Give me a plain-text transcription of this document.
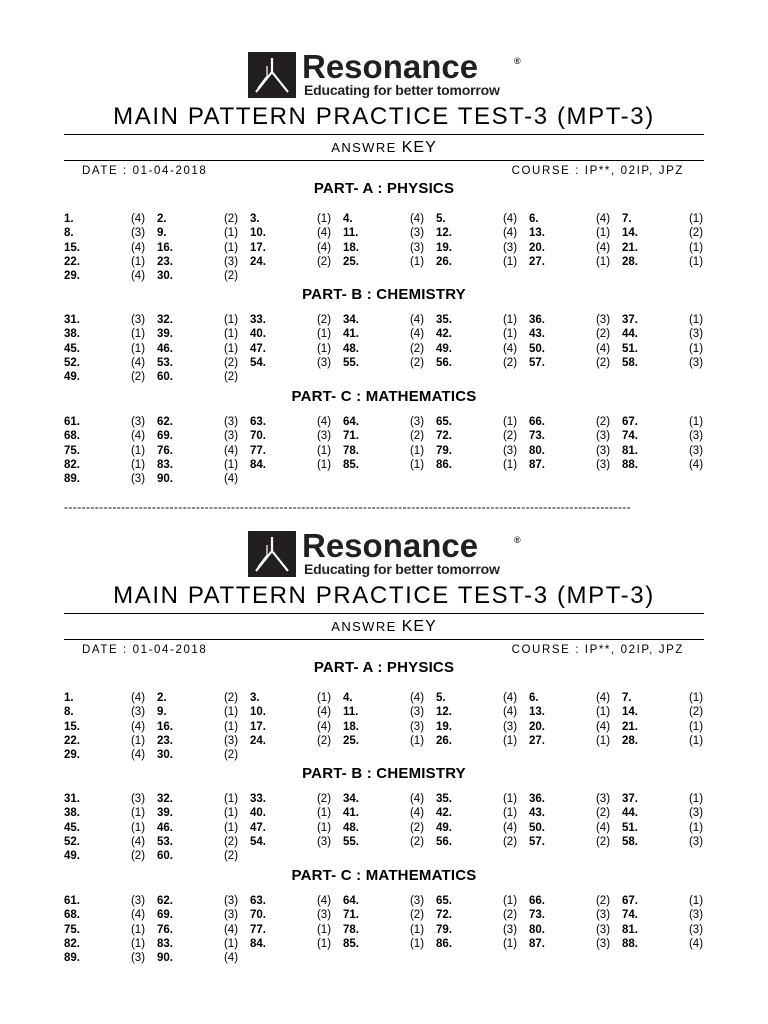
Resonance	®
Educating for better tomorrow
MAIN PATTERN PRACTICE TEST-3 (MPT-3)
ANSWRE KEY
DATE : 01-04-2018	COURSE : IP**, 02IP, JPZ
PART- A : PHYSICS
1.	(4) 2.	(2) 3.	(1) 4.	(4) 5.	(4) 6.	(4) 7.	(1)
8.	(3) 9.	(1) 10.	(4) 11.	(3) 12.	(4) 13.	(1) 14.	(2)
15.	(4) 16.	(1) 17.	(4) 18.	(3) 19.	(3) 20.	(4) 21.	(1)
22.	(1) 23.	(3) 24.	(2) 25.	(1) 26.	(1) 27.	(1) 28.	(1)
29.	(4) 30.	(2)
PART- B : CHEMISTRY
31.	(3) 32.	(1) 33.	(2) 34.	(4) 35.	(1) 36.	(3) 37.	(1)
38.	(1) 39.	(1) 40.	(1) 41.	(4) 42.	(1) 43.	(2) 44.	(3)
45.	(1) 46.	(1) 47.	(1) 48.	(2) 49.	(4) 50.	(4) 51.	(1)
52.	(4) 53.	(2) 54.	(3) 55.	(2) 56.	(2) 57.	(2) 58.	(3)
49.	(2) 60.	(2)
PART- C : MATHEMATICS
61.	(3) 62.	(3) 63.	(4) 64.	(3) 65.	(1) 66.	(2) 67.	(1)
68.	(4) 69.	(3) 70.	(3) 71.	(2) 72.	(2) 73.	(3) 74.	(3)
75.	(1) 76.	(4) 77.	(1) 78.	(1) 79.	(3) 80.	(3) 81.	(3)
82.	(1) 83.	(1) 84.	(1) 85.	(1) 86.	(1) 87.	(3) 88.	(4)
89.	(3) 90.	(4)
Resonance	®
Educating for better tomorrow
MAIN PATTERN PRACTICE TEST-3 (MPT-3)
ANSWRE KEY
DATE : 01-04-2018	COURSE : IP**, 02IP, JPZ
PART- A : PHYSICS
1.	(4) 2.	(2) 3.	(1) 4.	(4) 5.	(4) 6.	(4) 7.	(1)
8.	(3) 9.	(1) 10.	(4) 11.	(3) 12.	(4) 13.	(1) 14.	(2)
15.	(4) 16.	(1) 17.	(4) 18.	(3) 19.	(3) 20.	(4) 21.	(1)
22.	(1) 23.	(3) 24.	(2) 25.	(1) 26.	(1) 27.	(1) 28.	(1)
29.	(4) 30.	(2)
PART- B : CHEMISTRY
31.	(3) 32.	(1) 33.	(2) 34.	(4) 35.	(1) 36.	(3) 37.	(1)
38.	(1) 39.	(1) 40.	(1) 41.	(4) 42.	(1) 43.	(2) 44.	(3)
45.	(1) 46.	(1) 47.	(1) 48.	(2) 49.	(4) 50.	(4) 51.	(1)
52.	(4) 53.	(2) 54.	(3) 55.	(2) 56.	(2) 57.	(2) 58.	(3)
49.	(2) 60.	(2)
PART- C : MATHEMATICS
61.	(3) 62.	(3) 63.	(4) 64.	(3) 65.	(1) 66.	(2) 67.	(1)
68.	(4) 69.	(3) 70.	(3) 71.	(2) 72.	(2) 73.	(3) 74.	(3)
75.	(1) 76.	(4) 77.	(1) 78.	(1) 79.	(3) 80.	(3) 81.	(3)
82.	(1) 83.	(1) 84.	(1) 85.	(1) 86.	(1) 87.	(3) 88.	(4)
89.	(3) 90.	(4)
---------------------------------------------------------------------------------------------------------------------------------
